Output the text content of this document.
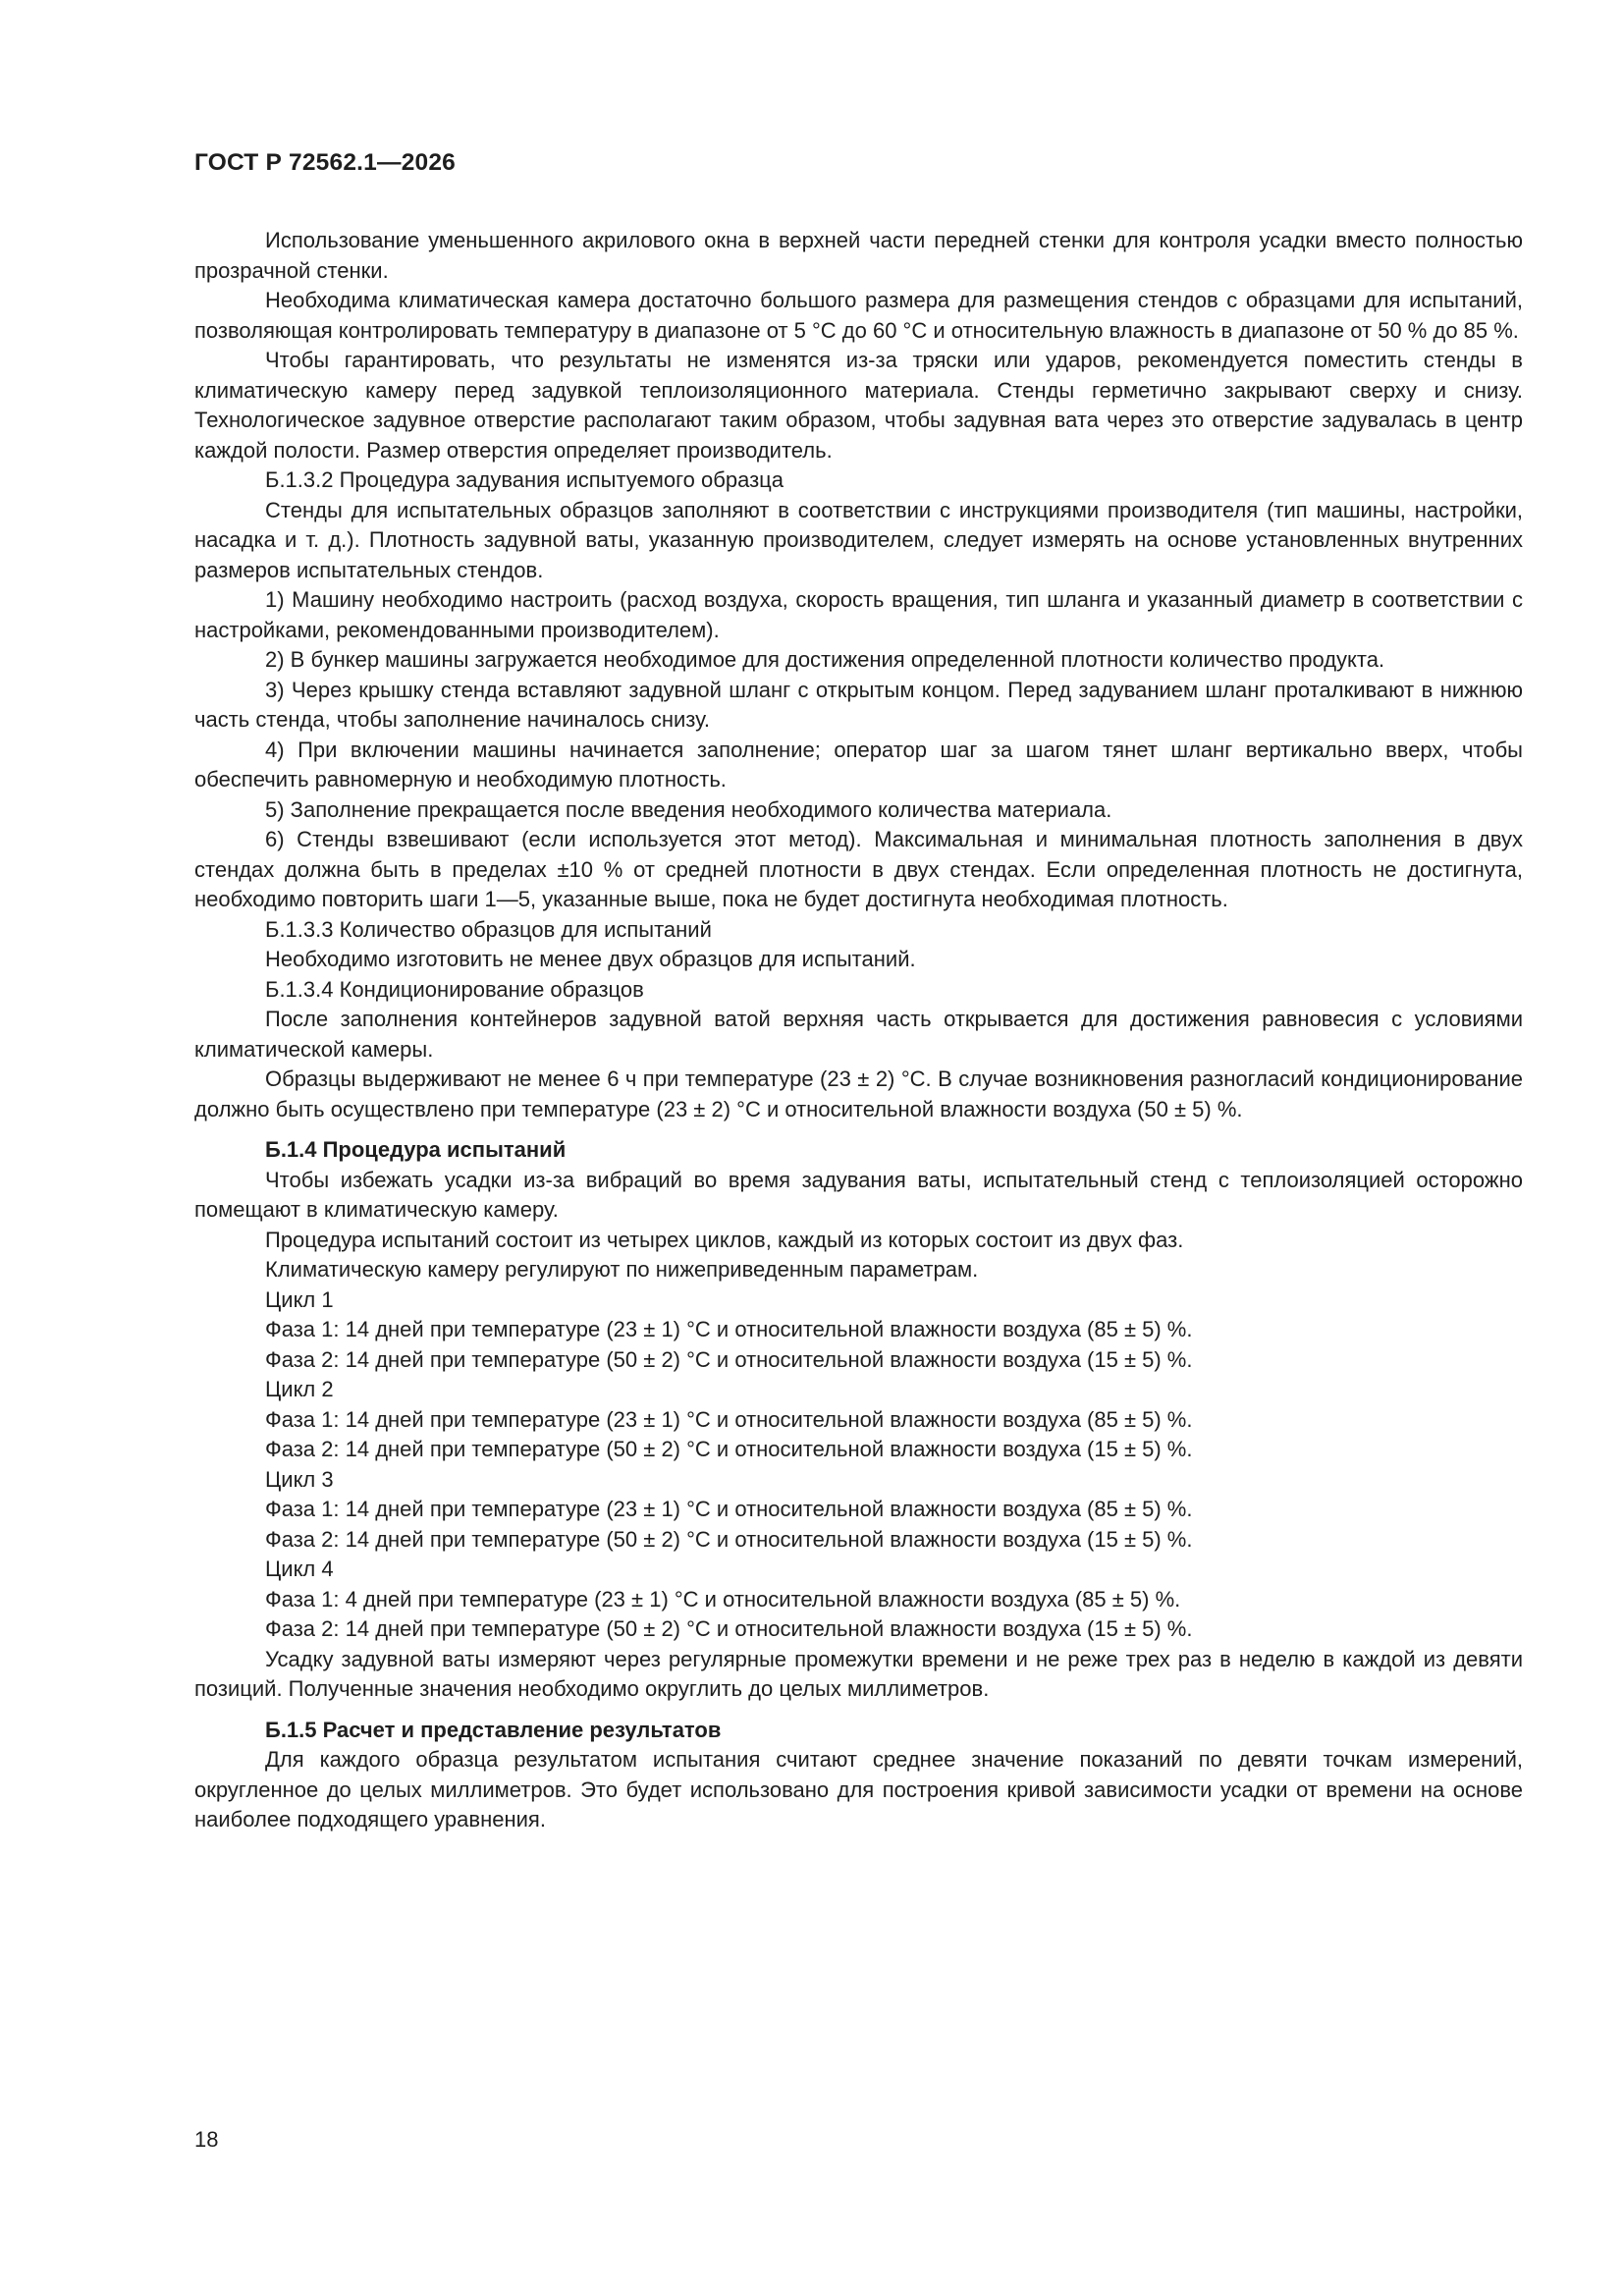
ГОСТ Р 72562.1—2026

Использование уменьшенного акрилового окна в верхней части передней стенки для контроля усадки вместо полностью прозрачной стенки.

Необходима климатическая камера достаточно большого размера для размещения стендов с образцами для испытаний, позволяющая контролировать температуру в диапазоне от 5 °С до 60 °С и относительную влажность в диапазоне от 50 % до 85 %.

Чтобы гарантировать, что результаты не изменятся из-за тряски или ударов, рекомендуется поместить стенды в климатическую камеру перед задувкой теплоизоляционного материала. Стенды герметично закрывают сверху и снизу. Технологическое задувное отверстие располагают таким образом, чтобы задувная вата через это отверстие задувалась в центр каждой полости. Размер отверстия определяет производитель.

Б.1.3.2 Процедура задувания испытуемого образца

Стенды для испытательных образцов заполняют в соответствии с инструкциями производителя (тип машины, настройки, насадка и т. д.). Плотность задувной ваты, указанную производителем, следует измерять на основе установленных внутренних размеров испытательных стендов.

1) Машину необходимо настроить (расход воздуха, скорость вращения, тип шланга и указанный диаметр в соответствии с настройками, рекомендованными производителем).

2) В бункер машины загружается необходимое для достижения определенной плотности количество продукта.

3) Через крышку стенда вставляют задувной шланг с открытым концом. Перед задуванием шланг проталкивают в нижнюю часть стенда, чтобы заполнение начиналось снизу.

4) При включении машины начинается заполнение; оператор шаг за шагом тянет шланг вертикально вверх, чтобы обеспечить равномерную и необходимую плотность.

5) Заполнение прекращается после введения необходимого количества материала.

6) Стенды взвешивают (если используется этот метод). Максимальная и минимальная плотность заполнения в двух стендах должна быть в пределах ±10 % от средней плотности в двух стендах. Если определенная плотность не достигнута, необходимо повторить шаги 1—5, указанные выше, пока не будет достигнута необходимая плотность.

Б.1.3.3 Количество образцов для испытаний

Необходимо изготовить не менее двух образцов для испытаний.

Б.1.3.4 Кондиционирование образцов

После заполнения контейнеров задувной ватой верхняя часть открывается для достижения равновесия с условиями климатической камеры.

Образцы выдерживают не менее 6 ч при температуре (23 ± 2) °С. В случае возникновения разногласий кондиционирование должно быть осуществлено при температуре (23 ± 2) °С и относительной влажности воздуха (50 ± 5) %.

Б.1.4 Процедура испытаний

Чтобы избежать усадки из-за вибраций во время задувания ваты, испытательный стенд с теплоизоляцией осторожно помещают в климатическую камеру.

Процедура испытаний состоит из четырех циклов, каждый из которых состоит из двух фаз.

Климатическую камеру регулируют по нижеприведенным параметрам.

Цикл 1

Фаза 1: 14 дней при температуре (23 ± 1) °С и относительной влажности воздуха (85 ± 5) %.

Фаза 2: 14 дней при температуре (50 ± 2) °С и относительной влажности воздуха (15 ± 5) %.

Цикл 2

Фаза 1: 14 дней при температуре (23 ± 1) °С и относительной влажности воздуха (85 ± 5) %.

Фаза 2: 14 дней при температуре (50 ± 2) °С и относительной влажности воздуха (15 ± 5) %.

Цикл 3

Фаза 1: 14 дней при температуре (23 ± 1) °С и относительной влажности воздуха (85 ± 5) %.

Фаза 2: 14 дней при температуре (50 ± 2) °С и относительной влажности воздуха (15 ± 5) %.

Цикл 4

Фаза 1: 4 дней при температуре (23 ± 1) °С и относительной влажности воздуха (85 ± 5) %.

Фаза 2: 14 дней при температуре (50 ± 2) °С и относительной влажности воздуха (15 ± 5) %.

Усадку задувной ваты измеряют через регулярные промежутки времени и не реже трех раз в неделю в каждой из девяти позиций. Полученные значения необходимо округлить до целых миллиметров.

Б.1.5 Расчет и представление результатов

Для каждого образца результатом испытания считают среднее значение показаний по девяти точкам измерений, округленное до целых миллиметров. Это будет использовано для построения кривой зависимости усадки от времени на основе наиболее подходящего уравнения.

18
